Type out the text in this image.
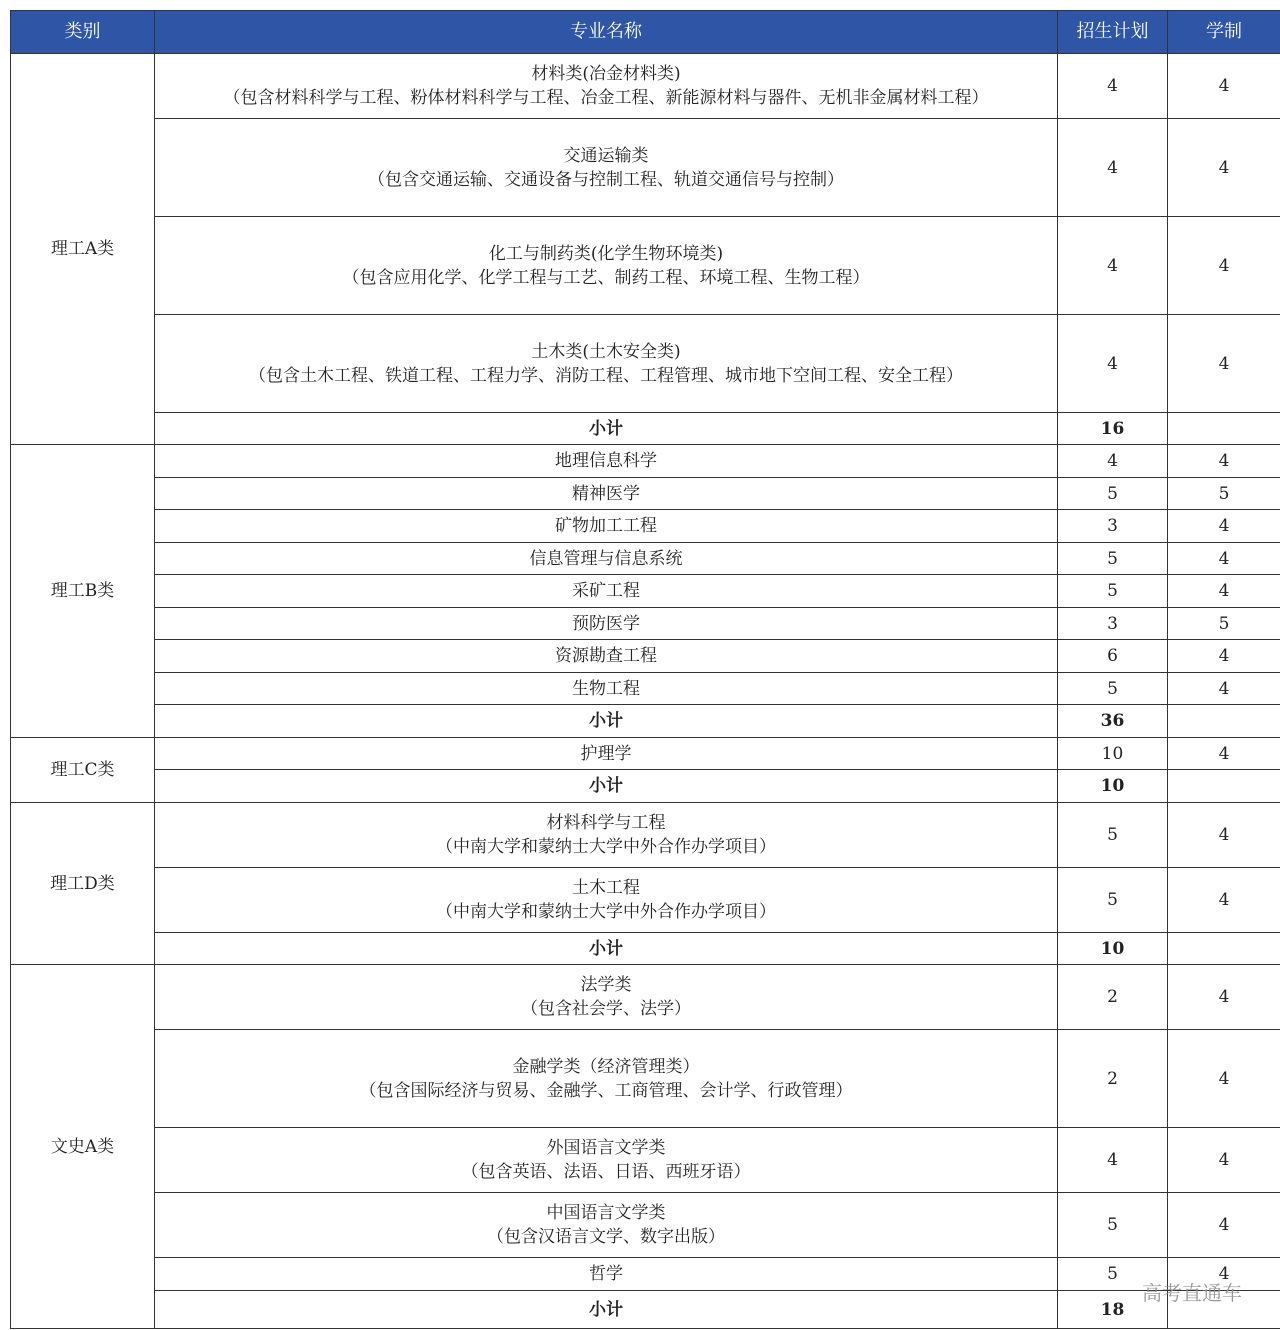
类别	专业名称	招生计划	学制
理工A类	材料类(冶金材料类)
（包含材料科学与工程、粉体材料科学与工程、冶金工程、新能源材料与器件、无机非金属材料工程）	4	4

	交通运输类
（包含交通运输、交通设备与控制工程、轨道交通信号与控制）	4	4

	化工与制药类(化学生物环境类)
（包含应用化学、化学工程与工艺、制药工程、环境工程、生物工程）	4	4

	土木类(土木安全类)
（包含土木工程、铁道工程、工程力学、消防工程、工程管理、城市地下空间工程、安全工程）	4	4
	小计	16	
理工B类	地理信息科学	4	4

	精神医学	5	5

	矿物加工工程	3	4

	信息管理与信息系统	5	4

	采矿工程	5	4

	预防医学	3	5

	资源勘查工程	6	4

	生物工程	5	4
	小计	36	
理工C类	护理学	10	4
	小计	10	
理工D类	材料科学与工程
（中南大学和蒙纳士大学中外合作办学项目）	5	4

	土木工程
（中南大学和蒙纳士大学中外合作办学项目）	5	4
	小计	10	
文史A类	法学类
（包含社会学、法学）	2	4

	金融学类（经济管理类）
（包含国际经济与贸易、金融学、工商管理、会计学、行政管理）	2	4

	外国语言文学类
（包含英语、法语、日语、西班牙语）	4	4

	中国语言文学类
（包含汉语言文学、数字出版）	5	4

	哲学	5	4
	小计	18	
高考直通车
